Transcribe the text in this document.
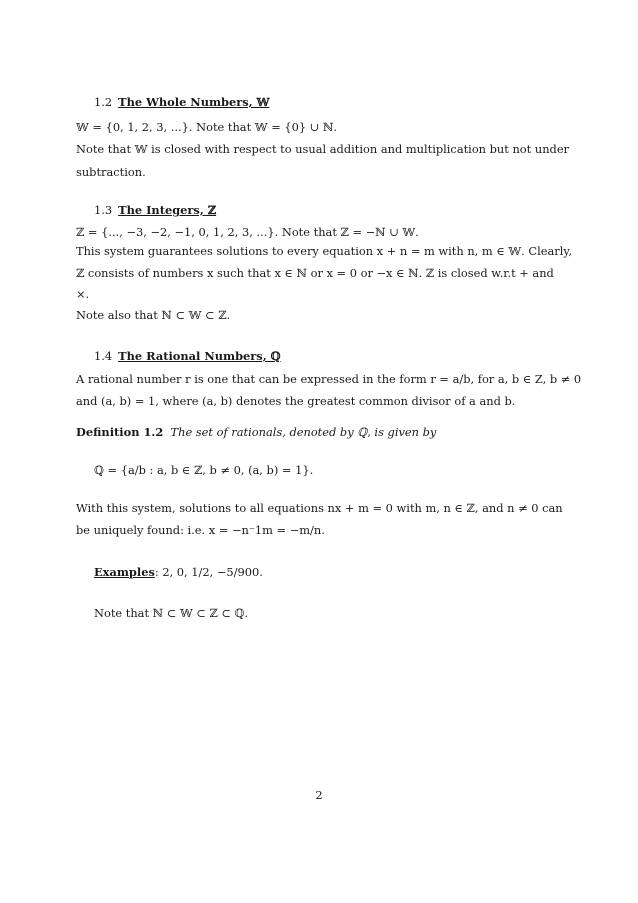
1.2 The Whole Numbers, 𝕎
𝕎 = {0, 1, 2, 3, ...}. Note that 𝕎 = {0} ∪ ℕ.
Note that 𝕎 is closed with respect to usual addition and multiplication but not under
subtraction.
1.3 The Integers, ℤ
ℤ = {..., −3, −2, −1, 0, 1, 2, 3, ...}. Note that ℤ = −ℕ ∪ 𝕎.
This system guarantees solutions to every equation x + n = m with n, m ∈ 𝕎. Clearly,
ℤ consists of numbers x such that x ∈ ℕ or x = 0 or −x ∈ ℕ. ℤ is closed w.r.t + and
×.
Note also that ℕ ⊂ 𝕎 ⊂ ℤ.
1.4 The Rational Numbers, ℚ
A rational number r is one that can be expressed in the form r = a/b, for a, b ∈ Z, b ≠ 0
and (a, b) = 1, where (a, b) denotes the greatest common divisor of a and b.
Definition 1.2 The set of rationals, denoted by ℚ, is given by
ℚ = {a/b : a, b ∈ ℤ, b ≠ 0, (a, b) = 1}.
With this system, solutions to all equations nx + m = 0 with m, n ∈ ℤ, and n ≠ 0 can
be uniquely found: i.e. x = −n⁻1m = −m/n.
Examples: 2, 0, 1/2, −5/900.
Note that ℕ ⊂ 𝕎 ⊂ ℤ ⊂ ℚ.
2
